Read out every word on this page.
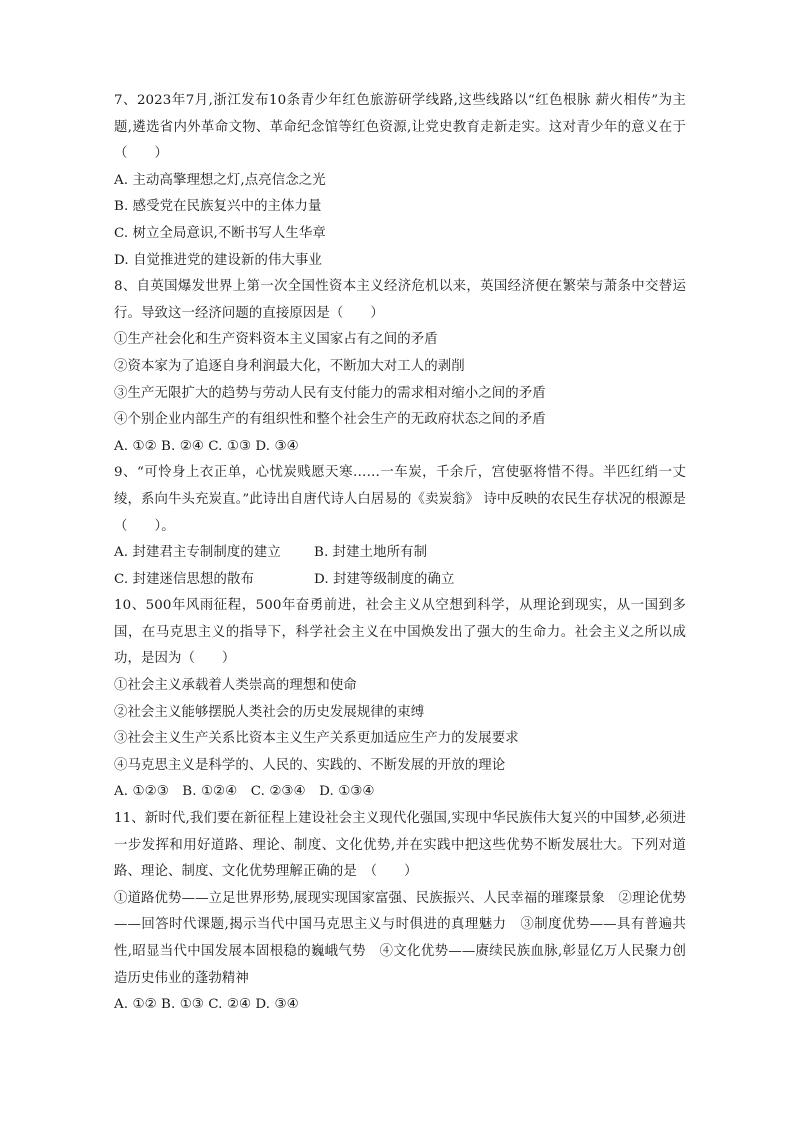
7、2023年7月,浙江发布10条青少年红色旅游研学线路,这些线路以“红色根脉 薪火相传”为主题,遴选省内外革命文物、革命纪念馆等红色资源,让党史教育走新走实。这对青少年的意义在于　（　　）

A. 主动高擎理想之灯,点亮信念之光

B. 感受党在民族复兴中的主体力量

C. 树立全局意识,不断书写人生华章

D. 自觉推进党的建设新的伟大事业

8、自英国爆发世界上第一次全国性资本主义经济危机以来，英国经济便在繁荣与萧条中交替运行。导致这一经济问题的直接原因是（　　）

①生产社会化和生产资料资本主义国家占有之间的矛盾

②资本家为了追逐自身利润最大化，不断加大对工人的剥削

③生产无限扩大的趋势与劳动人民有支付能力的需求相对缩小之间的矛盾

④个别企业内部生产的有组织性和整个社会生产的无政府状态之间的矛盾

A. ①② B. ②④ C. ①③ D. ③④

9、“可怜身上衣正单，心忧炭贱愿天寒……一车炭，千余斤，宫使驱将惜不得。半匹红绡一丈绫，系向牛头充炭直。”此诗出自唐代诗人白居易的《卖炭翁》 诗中反映的农民生存状况的根源是（　　）。

A. 封建君主专制制度的建立 B. 封建土地所有制

C. 封建迷信思想的散布	D. 封建等级制度的确立

10、500年风雨征程，500年奋勇前进，社会主义从空想到科学，从理论到现实，从一国到多国，在马克思主义的指导下，科学社会主义在中国焕发出了强大的生命力。社会主义之所以成功，是因为（　　）

①社会主义承载着人类崇高的理想和使命

②社会主义能够摆脱人类社会的历史发展规律的束缚

③社会主义生产关系比资本主义生产关系更加适应生产力的发展要求

④马克思主义是科学的、人民的、实践的、不断发展的开放的理论

A. ①②③　B. ①②④　C. ②③④　D. ①③④

11、新时代,我们要在新征程上建设社会主义现代化强国,实现中华民族伟大复兴的中国梦,必须进一步发挥和用好道路、理论、制度、文化优势,并在实践中把这些优势不断发展壮大。下列对道路、理论、制度、文化优势理解正确的是　（　　）

①道路优势——立足世界形势,展现实现国家富强、民族振兴、人民幸福的璀璨景象　②理论优势——回答时代课题,揭示当代中国马克思主义与时俱进的真理魅力　③制度优势——具有普遍共性,昭显当代中国发展本固根稳的巍峨气势　④文化优势——赓续民族血脉,彰显亿万人民聚力创造历史伟业的蓬勃精神

A. ①② B. ①③ C. ②④ D. ③④
